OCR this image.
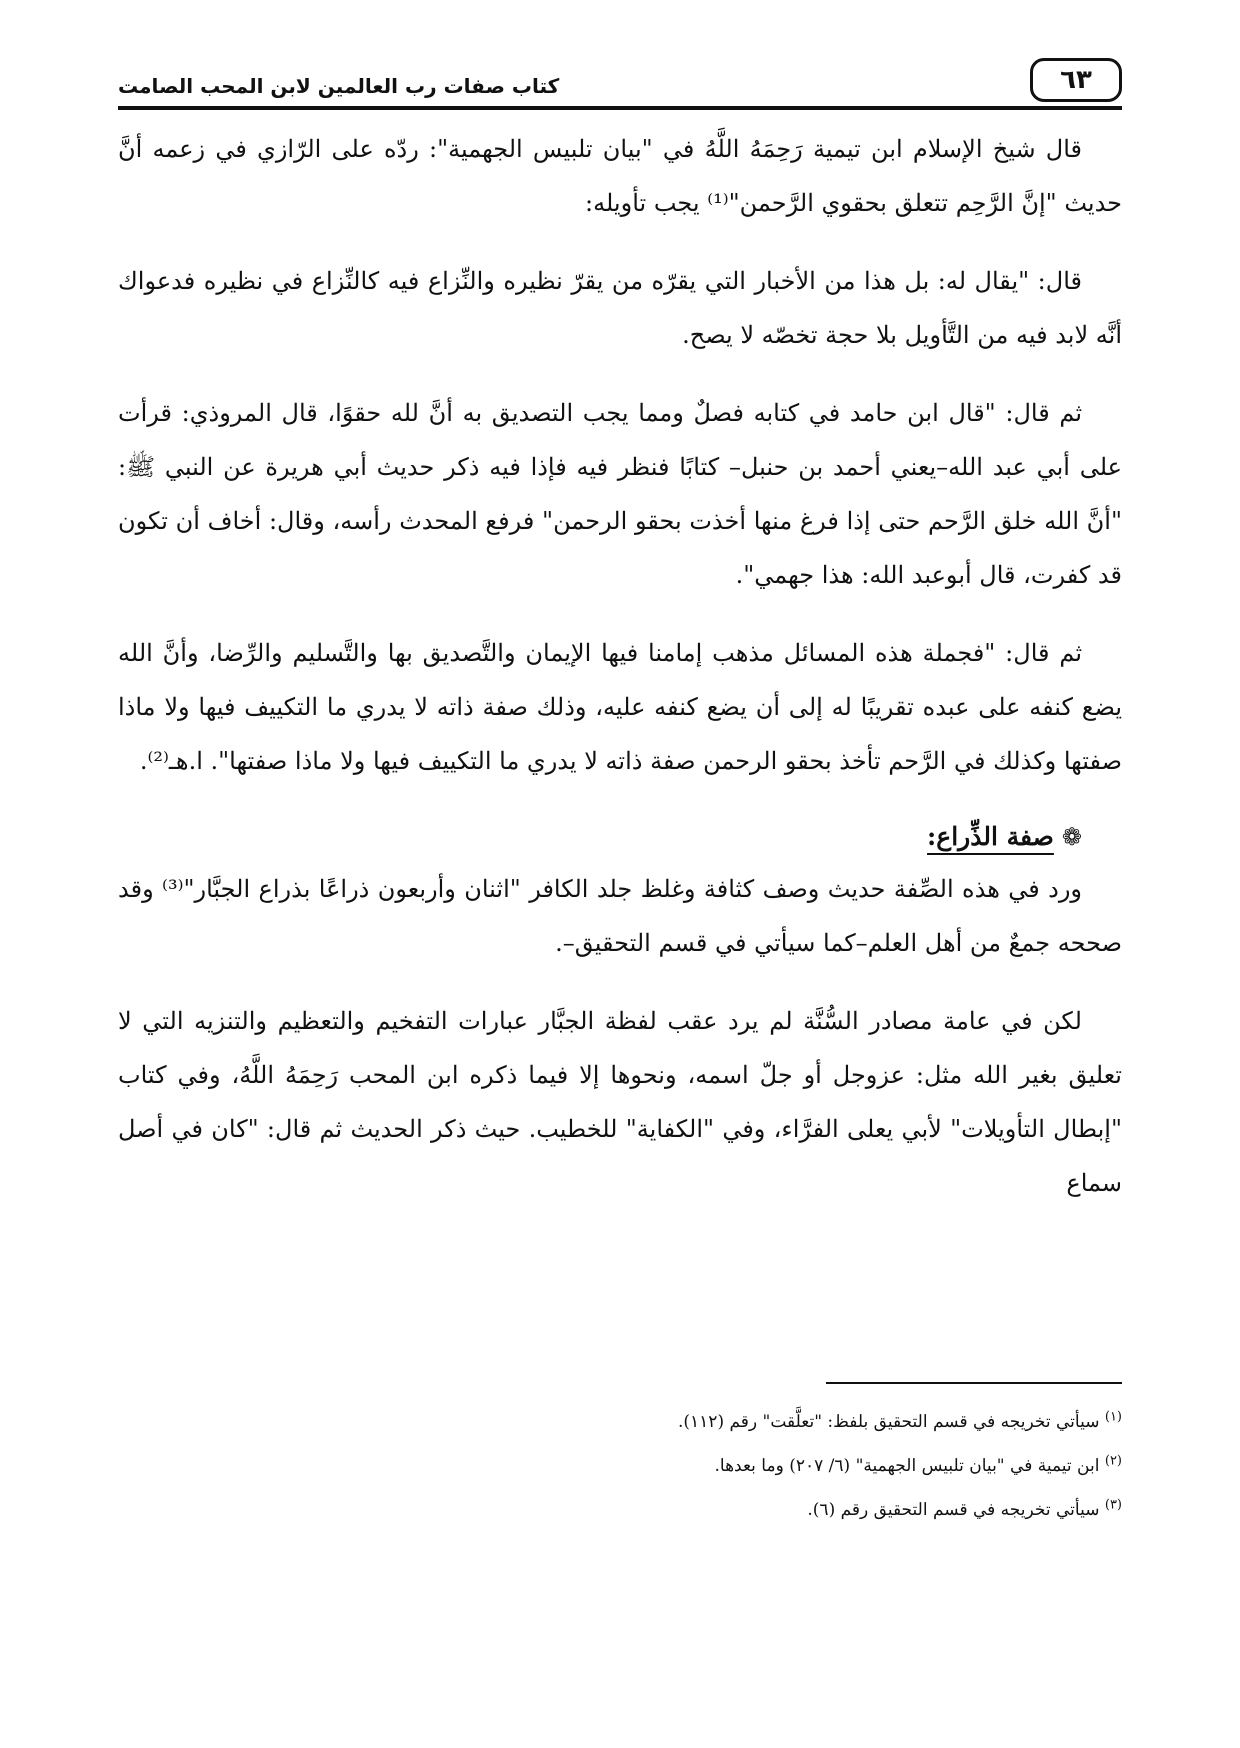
٦٣
كتاب صفات رب العالمين لابن المحب الصامت

قال شيخ الإسلام ابن تيمية رَحِمَهُ اللَّهُ في "بيان تلبيس الجهمية": ردّه على الرّازي في زعمه أنَّ حديث "إنَّ الرَّحِم تتعلق بحقوي الرَّحمن"⁽¹⁾ يجب تأويله:

قال: "يقال له: بل هذا من الأخبار التي يقرّه من يقرّ نظيره والنِّزاع فيه كالنِّزاع في نظيره فدعواك أنَّه لابد فيه من التَّأويل بلا حجة تخصّه لا يصح.

ثم قال: "قال ابن حامد في كتابه فصلٌ ومما يجب التصديق به أنَّ لله حقوًا، قال المروذي: قرأت على أبي عبد الله–يعني أحمد بن حنبل– كتابًا فنظر فيه فإذا فيه ذكر حديث أبي هريرة عن النبي ﷺ: "أنَّ الله خلق الرَّحم حتى إذا فرغ منها أخذت بحقو الرحمن" فرفع المحدث رأسه، وقال: أخاف أن تكون قد كفرت، قال أبوعبد الله: هذا جهمي".

ثم قال: "فجملة هذه المسائل مذهب إمامنا فيها الإيمان والتَّصديق بها والتَّسليم والرِّضا، وأنَّ الله يضع كنفه على عبده تقريبًا له إلى أن يضع كنفه عليه، وذلك صفة ذاته لا يدري ما التكييف فيها ولا ماذا صفتها وكذلك في الرَّحم تأخذ بحقو الرحمن صفة ذاته لا يدري ما التكييف فيها ولا ماذا صفتها". ا.هـ⁽²⁾.

❁صفة الذِّراع:

ورد في هذه الصِّفة حديث وصف كثافة وغلظ جلد الكافر "اثنان وأربعون ذراعًا بذراع الجبَّار"⁽³⁾ وقد صححه جمعٌ من أهل العلم–كما سيأتي في قسم التحقيق–.

لكن في عامة مصادر السُّنَّة لم يرد عقب لفظة الجبَّار عبارات التفخيم والتعظيم والتنزيه التي لا تعليق بغير الله مثل: عزوجل أو جلّ اسمه، ونحوها إلا فيما ذكره ابن المحب رَحِمَهُ اللَّهُ، وفي كتاب "إبطال التأويلات" لأبي يعلى الفرَّاء، وفي "الكفاية" للخطيب. حيث ذكر الحديث ثم قال: "كان في أصل سماع

$^{(١)}$ سيأتي تخريجه في قسم التحقيق بلفظ: "تعلَّقت" رقم (١١٢).
$^{(٢)}$ ابن تيمية في "بيان تلبيس الجهمية" (٦/ ٢٠٧) وما بعدها.
$^{(٣)}$ سيأتي تخريجه في قسم التحقيق رقم (٦).
